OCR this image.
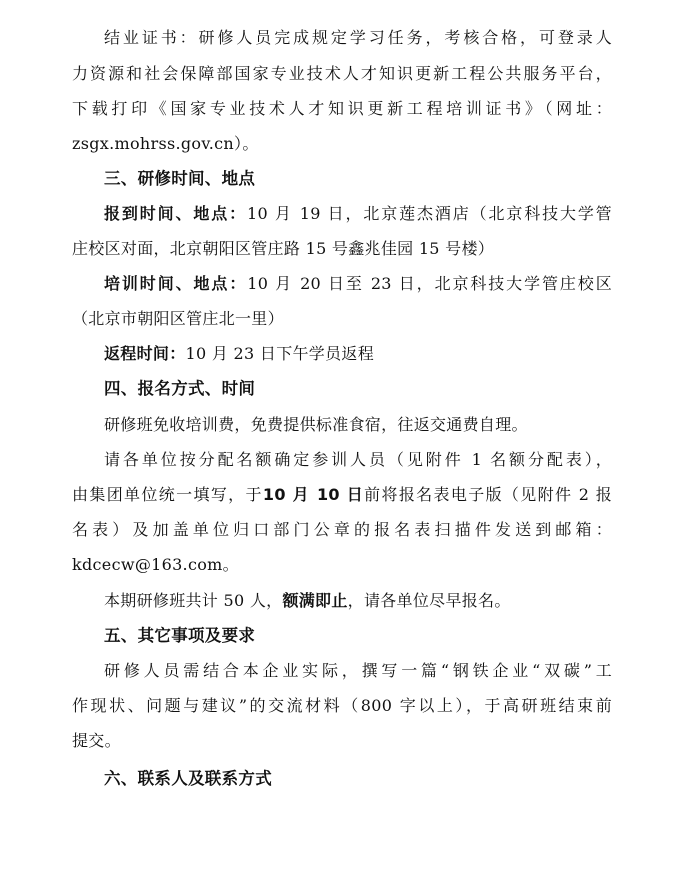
结业证书：研修人员完成规定学习任务，考核合格，可登录人
力资源和社会保障部国家专业技术人才知识更新工程公共服务平台，
下载打印《国家专业技术人才知识更新工程培训证书》（网址：
zsgx.mohrss.gov.cn）。
三、研修时间、地点
报到时间、地点：10 月 19 日，北京莲杰酒店（北京科技大学管
庄校区对面，北京朝阳区管庄路 15 号鑫兆佳园 15 号楼）
培训时间、地点：10 月 20 日至 23 日，北京科技大学管庄校区
（北京市朝阳区管庄北一里）
返程时间：10 月 23 日下午学员返程
四、报名方式、时间
研修班免收培训费，免费提供标准食宿，往返交通费自理。
请各单位按分配名额确定参训人员（见附件 1 名额分配表），
由集团单位统一填写，于10 月 10 日前将报名表电子版（见附件 2 报
名表）及加盖单位归口部门公章的报名表扫描件发送到邮箱：
kdcecw@163.com。
本期研修班共计 50 人，额满即止，请各单位尽早报名。
五、其它事项及要求
研修人员需结合本企业实际，撰写一篇“钢铁企业“双碳”工
作现状、问题与建议”的交流材料（800 字以上），于高研班结束前
提交。
六、联系人及联系方式
